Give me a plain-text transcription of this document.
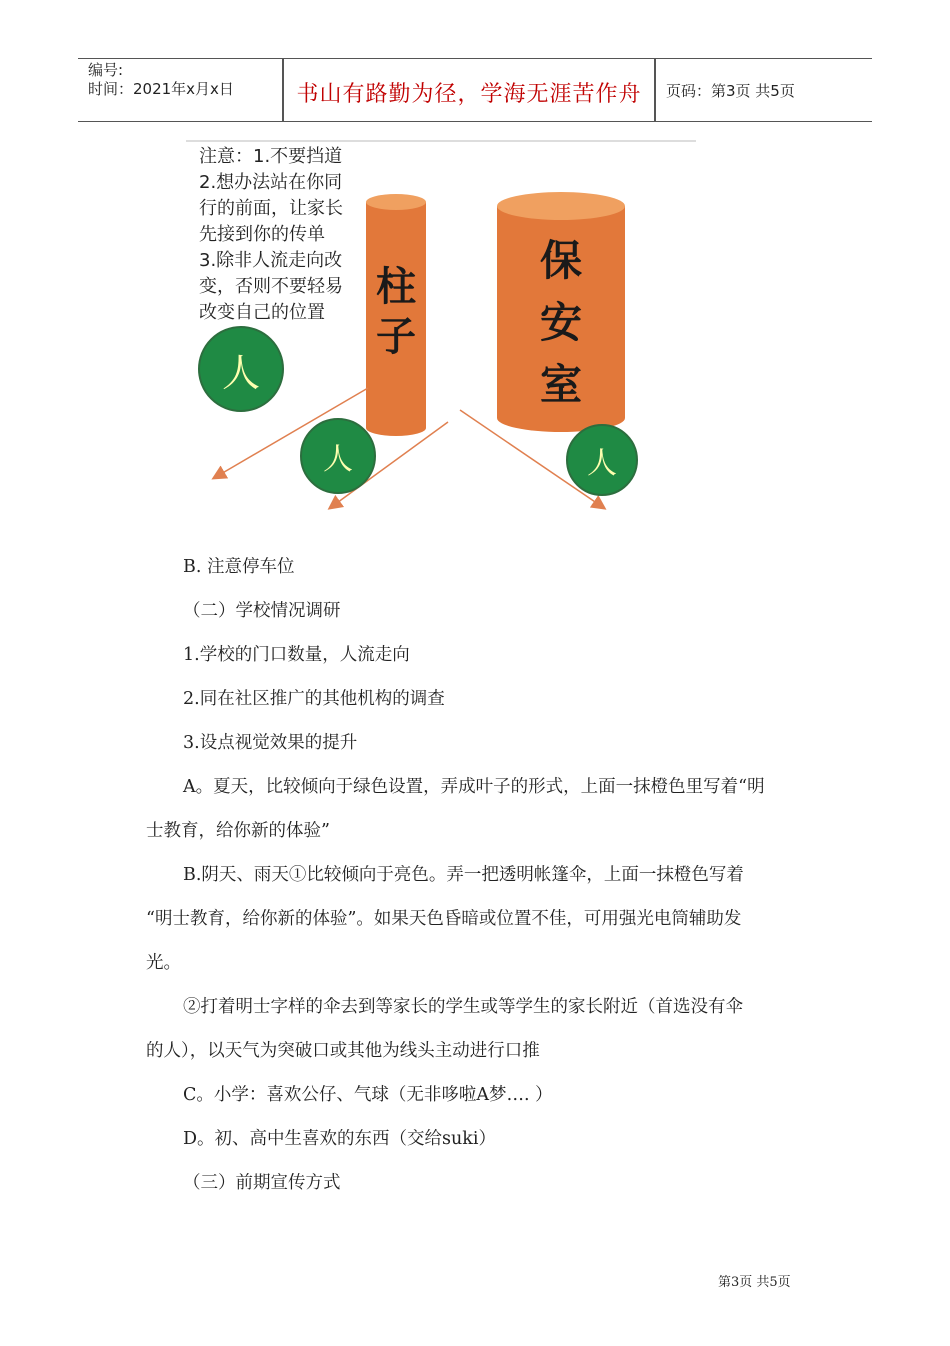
编号:
时间：2021年x月x日	书山有路勤为径，学海无涯苦作舟	页码：第3页 共5页
注意：1.不要挡道
2.想办法站在你同
行的前面，让家长
先接到你的传单
3.除非人流走向改
变，否则不要轻易
改变自己的位置
柱
子
保
安
室
人
人	人
B. 注意停车位
（二）学校情况调研
1.学校的门口数量，人流走向
2.同在社区推广的其他机构的调查
3.设点视觉效果的提升
A。夏天，比较倾向于绿色设置，弄成叶子的形式，上面一抹橙色里写着“明
士教育，给你新的体验”
B.阴天、雨天①比较倾向于亮色。弄一把透明帐篷伞，上面一抹橙色写着
“明士教育，给你新的体验”。如果天色昏暗或位置不佳，可用强光电筒辅助发
光。
②打着明士字样的伞去到等家长的学生或等学生的家长附近（首选没有伞
的人），以天气为突破口或其他为线头主动进行口推
C。小学：喜欢公仔、气球（无非哆啦A梦…. ）
D。初、高中生喜欢的东西（交给suki）
（三）前期宣传方式
第3页 共5页
